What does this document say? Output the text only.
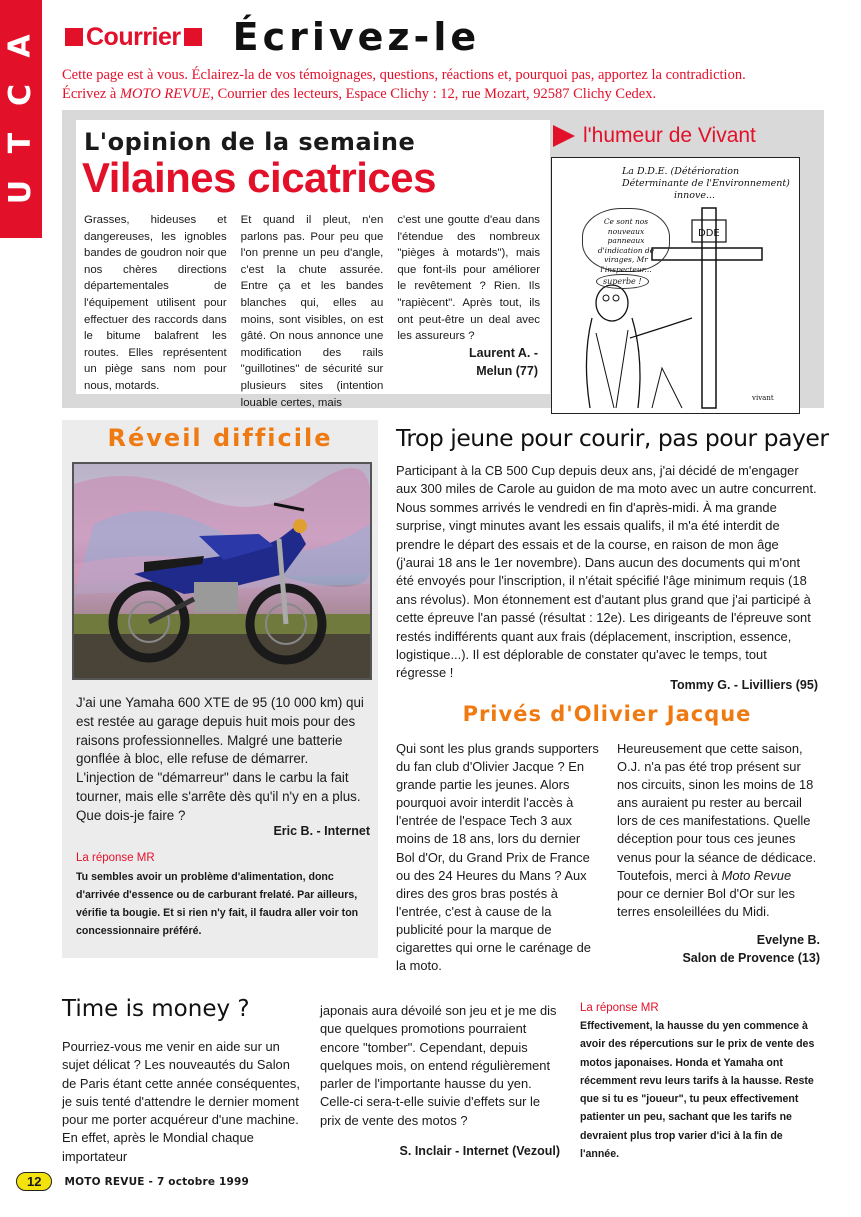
A
C
T
U
Courrier Écrivez-le
Cette page est à vous. Éclairez-la de vos témoignages, questions, réactions et, pourquoi pas, apportez la contradiction.
Écrivez à MOTO REVUE, Courrier des lecteurs, Espace Clichy : 12, rue Mozart, 92587 Clichy Cedex.
L'opinion de la semaine
Vilaines cicatrices

Grasses, hideuses et dangereuses, les ignobles bandes de goudron noir que nos chères directions départementales de l'équipement utilisent pour effectuer des raccords dans le bitume balafrent les routes. Elles représentent un piège sans nom pour nous, motards.

Et quand il pleut, n'en parlons pas. Pour peu que l'on prenne un peu d'angle, c'est la chute assurée. Entre ça et les bandes blanches qui, elles au moins, sont visibles, on est gâté. On nous annonce une modification des rails "guillotines" de sécurité sur plusieurs sites (intention louable certes, mais

c'est une goutte d'eau dans l'étendue des nombreux "pièges à motards"), mais que font-ils pour améliorer le revêtement ? Rien. Ils "rapiècent". Après tout, ils ont peut-être un deal avec les assureurs ?

Laurent A. -
Melun (77)
l'humeur de Vivant
DDE
vivant
La D.D.E. (Détérioration
Déterminante de l'Environnement)
innove...
Ce sont nos nouveaux panneaux d'indication de virages, Mr l'inspecteur...
superbe !
Réveil difficile
J'ai une Yamaha 600 XTE de 95 (10 000 km) qui est restée au garage depuis huit mois pour des raisons professionnelles. Malgré une batterie gonflée à bloc, elle refuse de démarrer. L'injection de "démarreur" dans le carbu la fait tourner, mais elle s'arrête dès qu'il n'y en a plus. Que dois-je faire ?
Eric B. - Internet
La réponse MR

Tu sembles avoir un problème d'alimentation, donc d'arrivée d'essence ou de carburant frelaté. Par ailleurs, vérifie ta bougie. Et si rien n'y fait, il faudra aller voir ton concessionnaire préféré.

Trop jeune pour courir, pas pour payer
Participant à la CB 500 Cup depuis deux ans, j'ai décidé de m'engager aux 300 miles de Carole au guidon de ma moto avec un autre concurrent. Nous sommes arrivés le vendredi en fin d'après-midi. À ma grande surprise, vingt minutes avant les essais qualifs, il m'a été interdit de prendre le départ des essais et de la course, en raison de mon âge (j'aurai 18 ans le 1er novembre). Dans aucun des documents qui m'ont été envoyés pour l'inscription, il n'était spécifié l'âge minimum requis (18 ans révolus). Mon étonnement est d'autant plus grand que j'ai participé à cette épreuve l'an passé (résultat : 12e). Les dirigeants de l'épreuve sont restés indifférents quant aux frais (déplacement, inscription, essence, logistique...). Il est déplorable de constater qu'avec le temps, tout régresse !
Tommy G. - Livilliers (95)
Privés d'Olivier Jacque

Qui sont les plus grands supporters du fan club d'Olivier Jacque ? En grande partie les jeunes. Alors pourquoi avoir interdit l'accès à l'entrée de l'espace Tech 3 aux moins de 18 ans, lors du dernier Bol d'Or, du Grand Prix de France ou des 24 Heures du Mans ? Aux dires des gros bras postés à l'entrée, c'est à cause de la publicité pour la marque de cigarettes qui orne le carénage de la moto.

Heureusement que cette saison, O.J. n'a pas été trop présent sur nos circuits, sinon les moins de 18 ans auraient pu rester au bercail lors de ces manifestations. Quelle déception pour tous ces jeunes venus pour la séance de dédicace. Toutefois, merci à Moto Revue pour ce dernier Bol d'Or sur les terres ensoleillées du Midi.

Evelyne B.
Salon de Provence (13)
Time is money ?

Pourriez-vous me venir en aide sur un sujet délicat ? Les nouveautés du Salon de Paris étant cette année conséquentes, je suis tenté d'attendre le dernier moment pour me porter acquéreur d'une machine. En effet, après le Mondial chaque importateur

japonais aura dévoilé son jeu et je me dis que quelques promotions pourraient encore "tomber". Cependant, depuis quelques mois, on entend régulièrement parler de l'importante hausse du yen. Celle-ci sera-t-elle suivie d'effets sur le prix de vente des motos ?

S. Inclair - Internet (Vezoul)
La réponse MR

Effectivement, la hausse du yen commence à avoir des répercutions sur le prix de vente des motos japonaises. Honda et Yamaha ont récemment revu leurs tarifs à la hausse. Reste que si tu es "joueur", tu peux effectivement patienter un peu, sachant que les tarifs ne devraient plus trop varier d'ici à la fin de l'année.

12	MOTO REVUE - 7 octobre 1999
